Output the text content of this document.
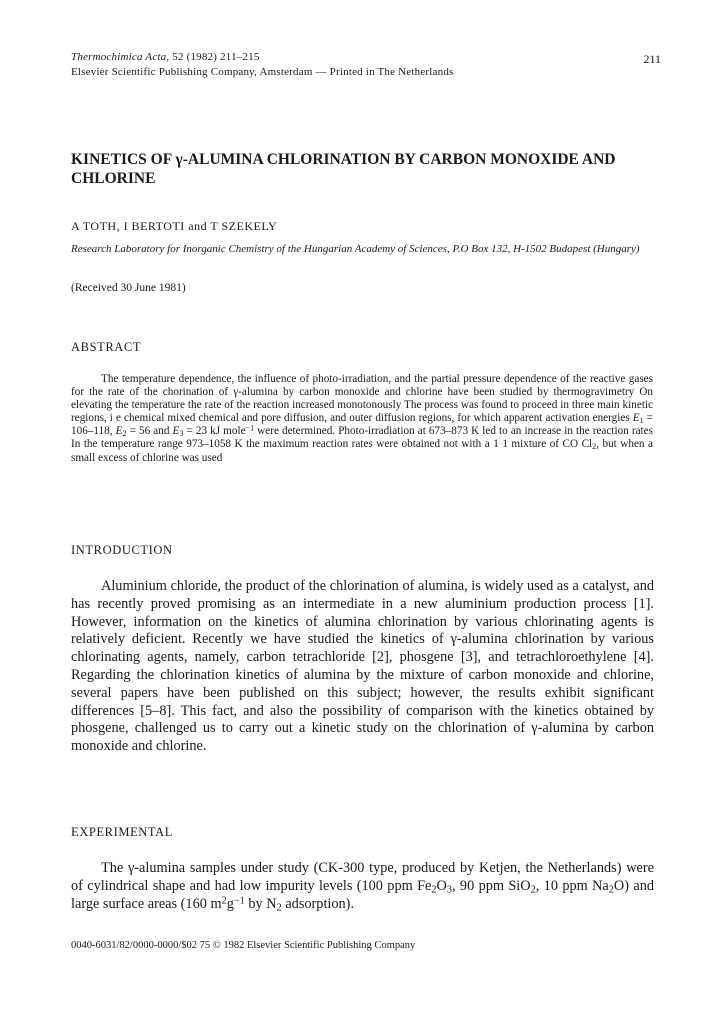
Thermochimica Acta, 52 (1982) 211–215
Elsevier Scientific Publishing Company, Amsterdam — Printed in The Netherlands
211
KINETICS OF γ-ALUMINA CHLORINATION BY CARBON MONOXIDE AND CHLORINE
A TOTH, I BERTOTI and T SZEKELY
Research Laboratory for Inorganic Chemistry of the Hungarian Academy of Sciences, P.O Box 132, H-1502 Budapest (Hungary)
(Received 30 June 1981)
ABSTRACT

The temperature dependence, the influence of photo-irradiation, and the partial pressure dependence of the reactive gases for the rate of the chorination of γ-alumina by carbon monoxide and chlorine have been studied by thermogravimetry On elevating the temperature the rate of the reaction increased monotonously The process was found to proceed in three main kinetic regions, i e chemical mixed chemical and pore diffusion, and outer diffusion regions, for which apparent activation energies $E_1 = 106-118$, $E_2 = 56$ and $E_3 = 23$ kJ mole$^{-1}$ were determined. Photo-irradiation at 673–873 K led to an increase in the reaction rates In the temperature range 973–1058 K the maximum reaction rates were obtained not with a 1 1 mixture of CO $Cl_2$, but when a small excess of chlorine was used

INTRODUCTION

Aluminium chloride, the product of the chlorination of alumina, is widely used as a catalyst, and has recently proved promising as an intermediate in a new aluminium production process [1]. However, information on the kinetics of alumina chlorination by various chlorinating agents is relatively deficient. Recently we have studied the kinetics of γ-alumina chlorination by various chlorinating agents, namely, carbon tetrachloride [2], phosgene [3], and tetrachloroethylene [4]. Regarding the chlorination kinetics of alumina by the mixture of carbon monoxide and chlorine, several papers have been published on this subject; however, the results exhibit significant differences [5–8]. This fact, and also the possibility of comparison with the kinetics obtained by phosgene, challenged us to carry out a kinetic study on the chlorination of γ-alumina by carbon monoxide and chlorine.

EXPERIMENTAL

The γ-alumina samples under study (CK-300 type, produced by Ketjen, the Netherlands) were of cylindrical shape and had low impurity levels (100 ppm $Fe_2O_3$, 90 ppm SiO$_2$, 10 ppm $Na_2O$) and large surface areas (160 $m^2g^{-1}$ by $N_2$ adsorption).

0040-6031/82/0000-0000/$02 75 © 1982 Elsevier Scientific Publishing Company
